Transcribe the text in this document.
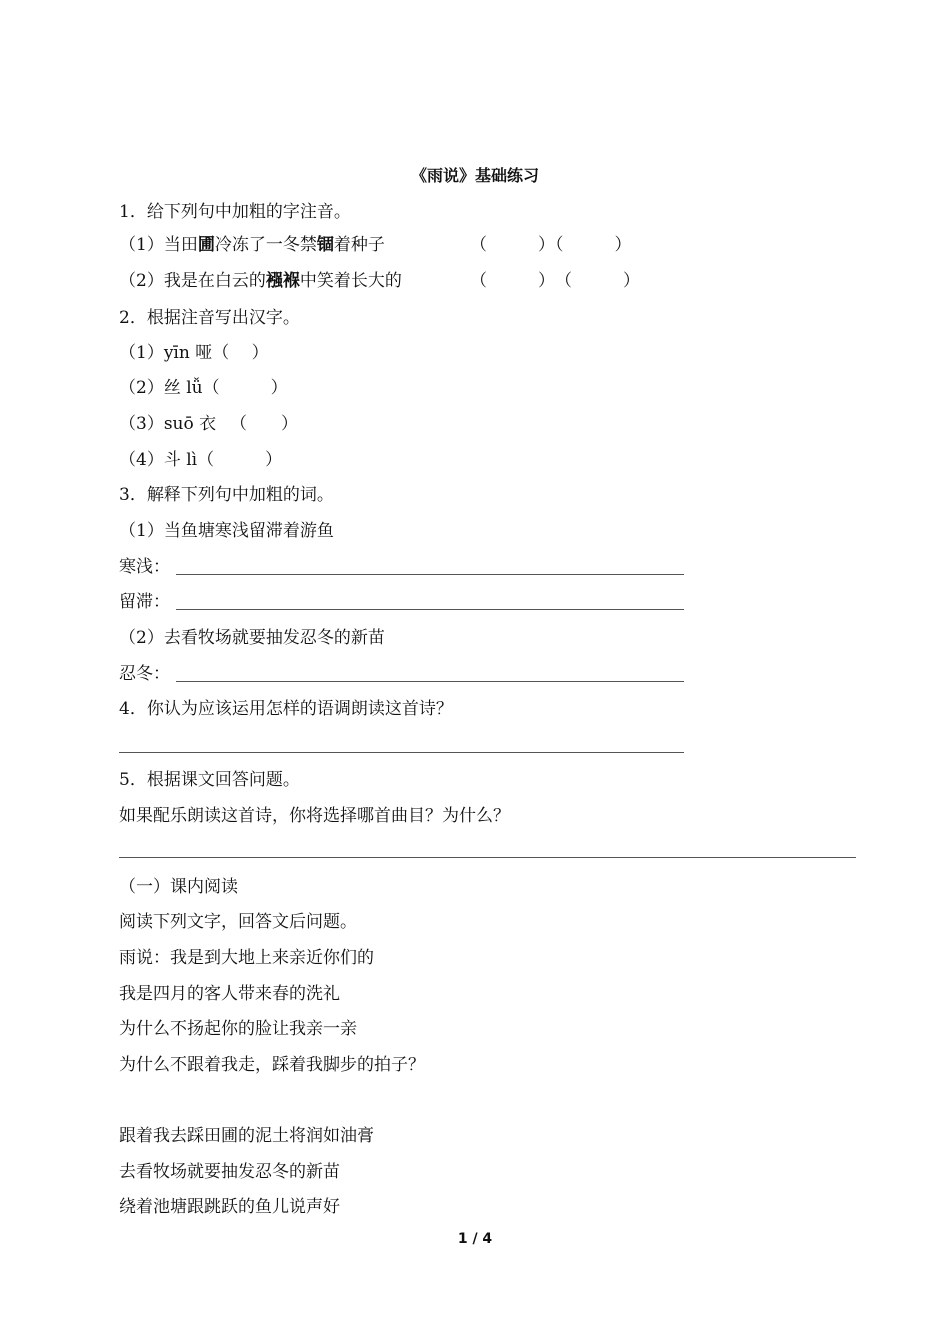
《雨说》基础练习
1．给下列句中加粗的字注音。
（1）当田圃冷冻了一冬禁锢着种子	（　　　）（　　　）
（2）我是在白云的襁褓中笑着长大的	（　　　）　（　　　）
2．根据注音写出汉字。
（1）yīn 哑（　 ）
（2）丝 lǚ（　　　）
（3）suō 衣 　（　　）
（4）斗 lì（　　　）
3．解释下列句中加粗的词。
（1）当鱼塘寒浅留滞着游鱼
寒浅：
留滞：
（2）去看牧场就要抽发忍冬的新苗
忍冬：
4．你认为应该运用怎样的语调朗读这首诗？
5．根据课文回答问题。
如果配乐朗读这首诗，你将选择哪首曲目？为什么？
（一）课内阅读
阅读下列文字，回答文后问题。
雨说：我是到大地上来亲近你们的
我是四月的客人带来春的洗礼
为什么不扬起你的脸让我亲一亲
为什么不跟着我走，踩着我脚步的拍子？
跟着我去踩田圃的泥土将润如油膏
去看牧场就要抽发忍冬的新苗
绕着池塘跟跳跃的鱼儿说声好
1 / 4
